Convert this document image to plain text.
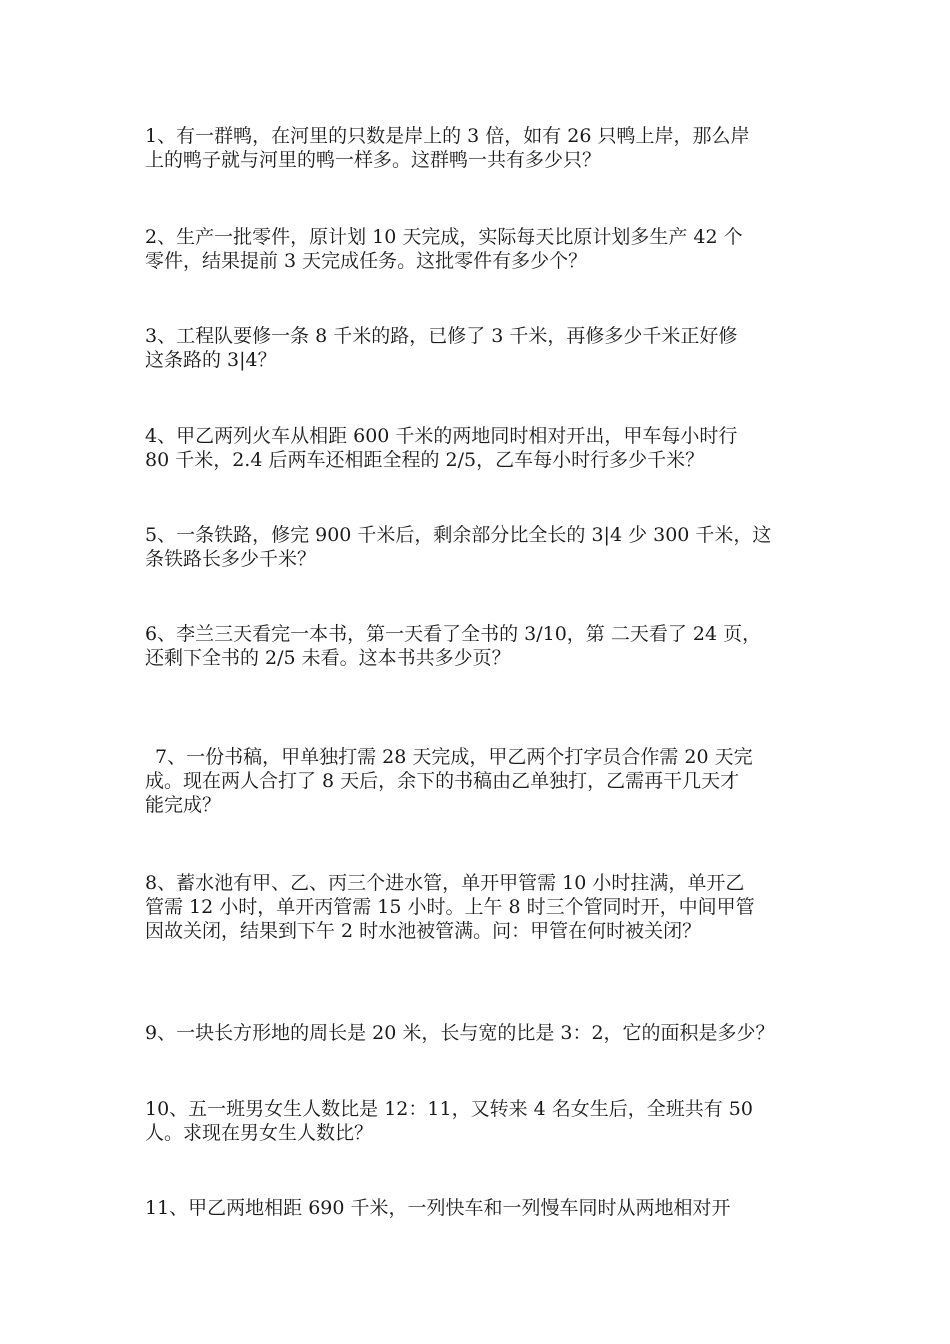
1、有一群鸭，在河里的只数是岸上的 3 倍，如有 26 只鸭上岸，那么岸
上的鸭子就与河里的鸭一样多。这群鸭一共有多少只？
2、生产一批零件，原计划 10 天完成，实际每天比原计划多生产 42 个
零件，结果提前 3 天完成任务。这批零件有多少个？
3、工程队要修一条 8 千米的路，已修了 3 千米，再修多少千米正好修
这条路的 3|4？
4、甲乙两列火车从相距 600 千米的两地同时相对开出，甲车每小时行
80 千米，2.4 后两车还相距全程的 2/5，乙车每小时行多少千米？
5、一条铁路，修完 900 千米后，剩余部分比全长的 3|4 少 300 千米，这
条铁路长多少千米？
6、李兰三天看完一本书，第一天看了全书的 3/10，第 二天看了 24 页，
还剩下全书的 2/5 未看。这本书共多少页？
7、一份书稿，甲单独打需 28 天完成，甲乙两个打字员合作需 20 天完
成。现在两人合打了 8 天后，余下的书稿由乙单独打，乙需再干几天才
能完成？
8、蓄水池有甲、乙、丙三个进水管，单开甲管需 10 小时拄满，单开乙
管需 12 小时，单开丙管需 15 小时。上午 8 时三个管同时开，中间甲管
因故关闭，结果到下午 2 时水池被管满。问：甲管在何时被关闭？
9、一块长方形地的周长是 20 米，长与宽的比是 3：2，它的面积是多少？
10、五一班男女生人数比是 12：11，又转来 4 名女生后，全班共有 50
人。求现在男女生人数比？
11、甲乙两地相距 690 千米，一列快车和一列慢车同时从两地相对开
